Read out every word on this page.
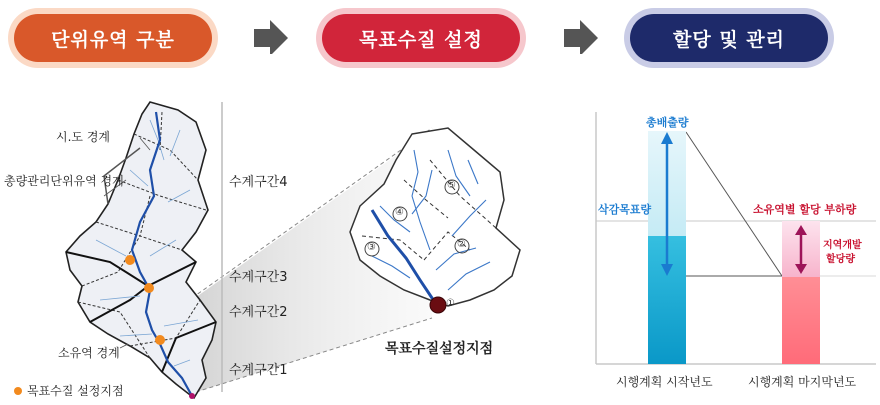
단위유역 구분	목표수질 설정	할당 및 관리
⑤
④
②
③
①
시.도 경계
총량관리단위유역 경계
소유역 경계
목표수질 설정지점
수계구간4
수계구간3
수계구간2
수계구간1
목표수질설정지점
총배출량
삭감목표량	소유역별 할당 부하량
지역개발
할당량
시행계획 시작년도	시행계획 마지막년도
